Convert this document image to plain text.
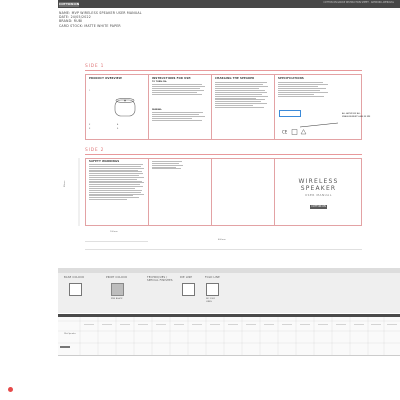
COTTON:ON	COTTON ON GROUP INSTRUCTION SHEET · ARTWORK APPROVAL
NAME: MVP WIRELESS SPEAKER USER MANUAL
DATE: 24/05/2022
BRAND: RUBI
CARD STOCK: MATTE WHITE PAPER
SIDE 1
PRODUCT OVERVIEW
1
2
3
4
5
INSTRUCTIONS FOR USE:
TO TURN ON:
PAIRING:
CHARGING THE SPEAKER	SPECIFICATIONS
CE
ALL ARTWORK ALL MEASUREMENTS ARE IN MM
SIDE 2
SAFETY WARNINGS
WIRELESS
SPEAKER
USER MANUAL
COTTON:ON
100mm
400mm
80mm
BASE COLOUR	PRINT COLOUR
PMS BLACK
TECHNIQUES / SPECIAL FINISHES
DIE LINE	FOLD LINE
NO FOLD LINES
Mini Speaker
